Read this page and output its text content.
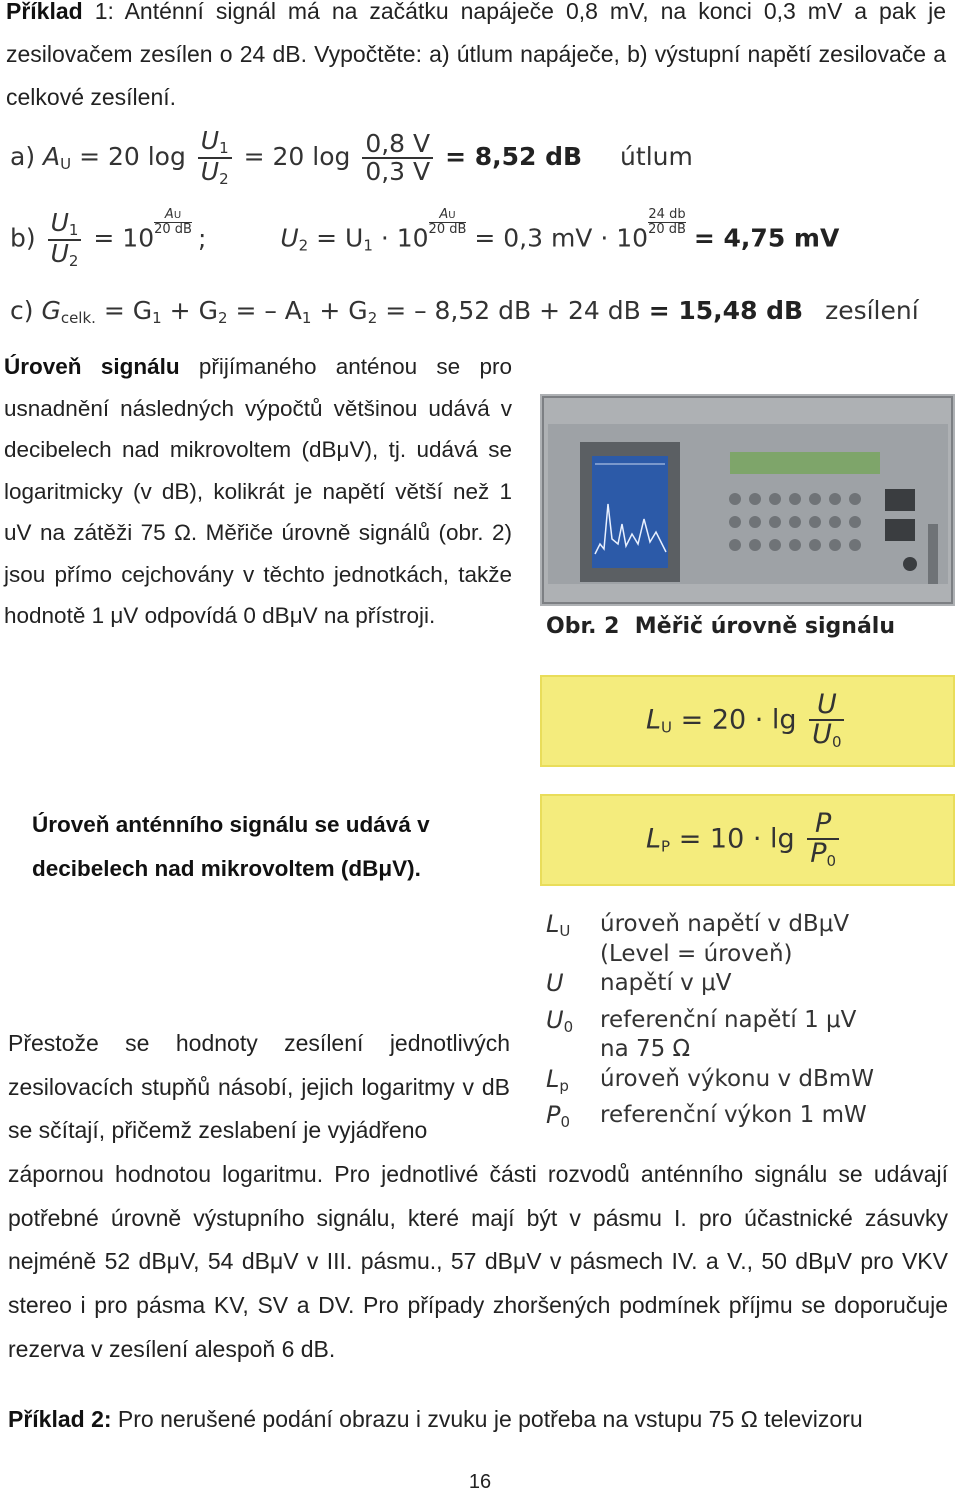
Příklad 1: Anténní signál má na začátku napáječe 0,8 mV, na konci 0,3 mV a pak je zesilovačem zesílen o 24 dB. Vypočtěte: a) útlum napáječe, b) výstupní napětí zesilovače a celkové zesílení.
a) $A_U = 20$ $\log \frac{U_1}{U_2} = 20$ $\log \frac{0,8 V}{0,3 V} = 8,52$ dB útlum
$b) \frac{U_1}{U_2} = 10$
$\frac{AU}{20 dB}$;	$U_2 = U_1 \cdot 10$
$\frac{AU}{20 dB} = 0,3$ mV · 10
$\frac{24 db}{20 dB} = 4,75$ mV
c) $G_{celk.} = G_1 + G_2$ = – $A_1 + G_2$ = – 8,52 dB + 24 dB = 15,48 dB zesílení
Úroveň signálu přijímaného anténou se pro usnadnění následných výpočtů většinou udává v decibelech nad mikrovoltem (dBμV), tj. udává se logaritmicky (v dB), kolikrát je napětí větší než 1 uV na zátěži 75 Ω. Měřiče úrovně signálů (obr. 2) jsou přímo cejchovány v těchto jednotkách, takže hodnotě 1 μV odpovídá 0 dBμV na přístroji.	Obr. 2  Měřič úrovně signálu
$L_U = 20 \cdot \lg \frac{U}{U_0}$
$L_P = 10 \cdot \lg \frac{P}{P_0}$
Úroveň anténního signálu se udává v decibelech nad mikrovoltem (dBμV).
$L_U$	úroveň napětí v dBμV
(Level = úroveň)
U	napětí v μV
$U_0$	referenční napětí 1 μV
na 75 Ω
$L_p$	úroveň výkonu v dBmW
$P_0$	referenční výkon 1 mW
Přestože se hodnoty zesílení jednotlivých zesilovacích stupňů násobí, jejich logaritmy v dB se sčítají, přičemž zeslabení je vyjádřeno
zápornou hodnotou logaritmu. Pro jednotlivé části rozvodů anténního signálu se udávají potřebné úrovně výstupního signálu, které mají být v pásmu I. pro účastnické zásuvky nejméně 52 dBμV, 54 dBμV v III. pásmu., 57 dBμV v pásmech IV. a V., 50 dBμV pro VKV stereo i pro pásma KV, SV a DV. Pro případy zhoršených podmínek příjmu se doporučuje rezerva v zesílení alespoň 6 dB.
Příklad 2: Pro nerušené podání obrazu i zvuku je potřeba na vstupu 75 Ω televizoru
16
